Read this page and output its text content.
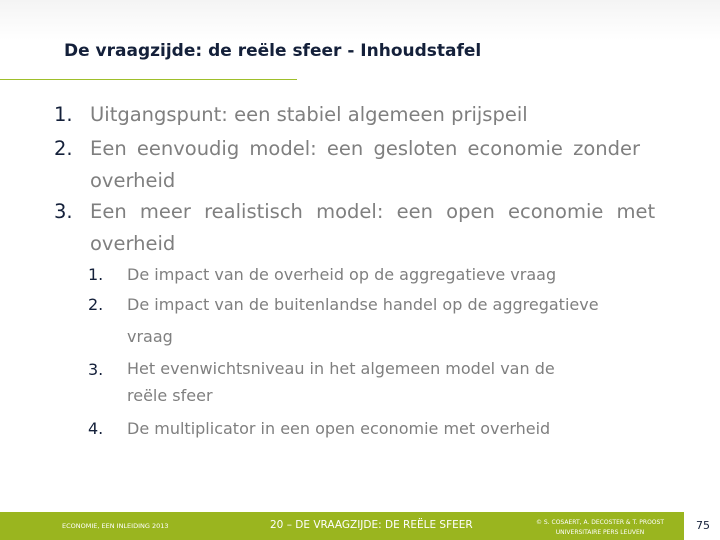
De vraagzijde: de reële sfeer - Inhoudstafel
1. Uitgangspunt: een stabiel algemeen prijspeil
2. Een eenvoudig model: een gesloten economie zonder
overheid
3. Een meer realistisch model: een open economie met
overheid
1. De impact van de overheid op de aggregatieve vraag
2. De impact van de buitenlandse handel op de aggregatieve
vraag
3. Het evenwichtsniveau in het algemeen model van de
reële sfeer
4. De multiplicator in een open economie met overheid
ECONOMIE, EEN INLEIDING 2013	20 – DE VRAAGZIJDE: DE REËLE SFEER	© S. COSAERT, A. DECOSTER & T. PROOST
UNIVERSITAIRE PERS LEUVEN
75
